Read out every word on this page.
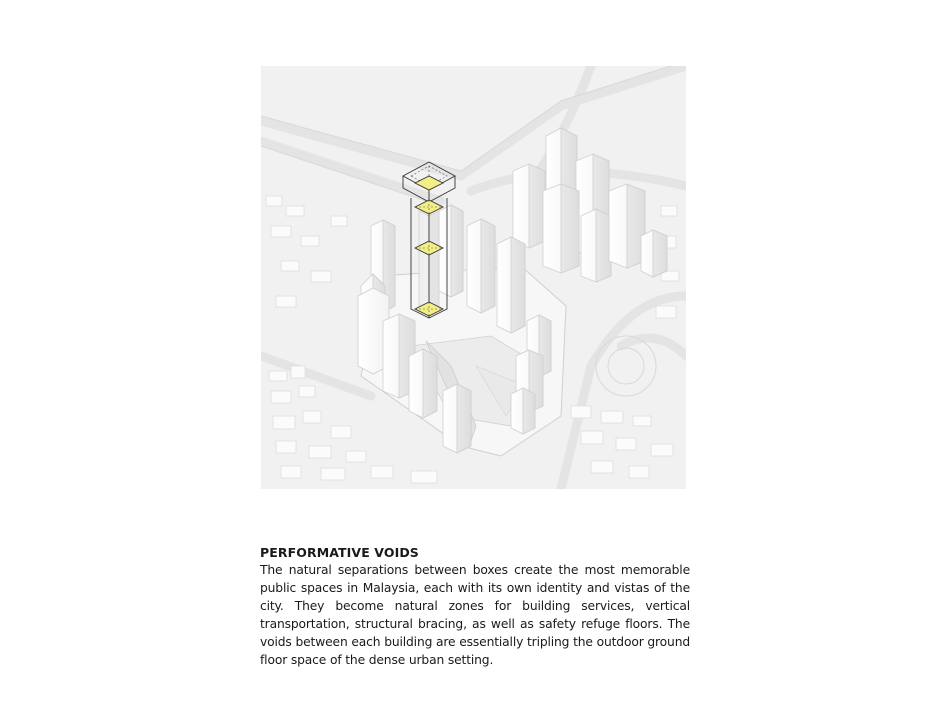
PERFORMATIVE VOIDS

The natural separations between boxes create the most memorable public spaces in Malaysia, each with its own identity and vistas of the city. They become natural zones for building services, vertical transportation, structural bracing, as well as safety refuge floors. The voids between each building are essentially tripling the outdoor ground floor space of the dense urban setting.
